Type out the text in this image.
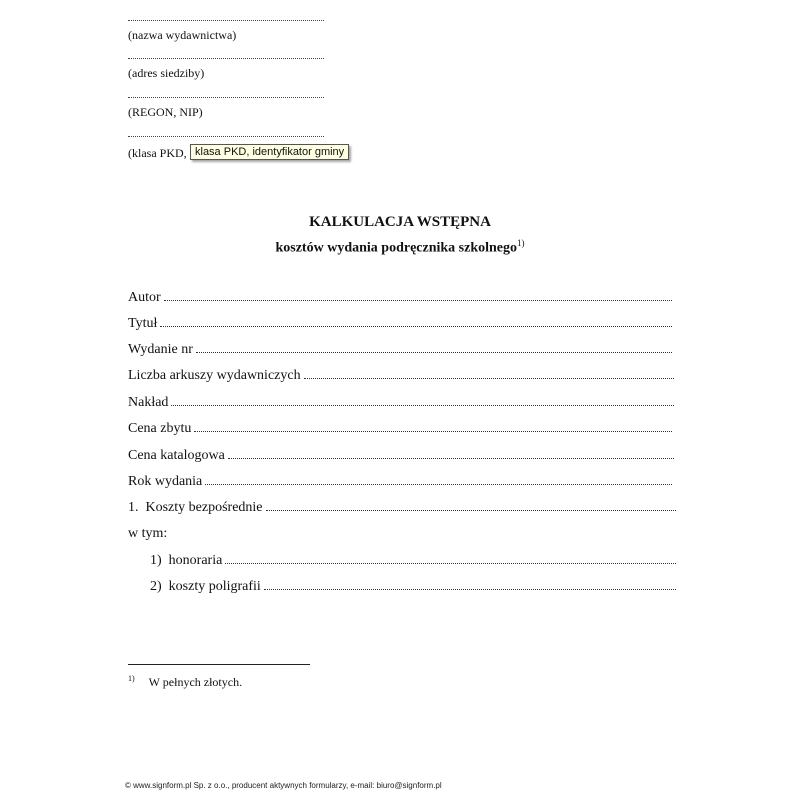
(nazwa wydawnictwa)
(adres siedziby)
(REGON, NIP)
(klasa PKD, klasa PKD, identyfikator gminy
KALKULACJA WSTĘPNA
kosztów wydania podręcznika szkolnego$^{1)}$
Autor
Tytuł
Wydanie nr
Liczba arkuszy wydawniczych
Nakład
Cena zbytu
Cena katalogowa
Rok wydania
1.  Koszty bezpośrednie
w tym:
1)  honoraria
2)  koszty poligrafii
$^{1)}$ W pełnych złotych.
© www.signform.pl Sp. z o.o., producent aktywnych formularzy, e-mail: biuro@signform.pl
